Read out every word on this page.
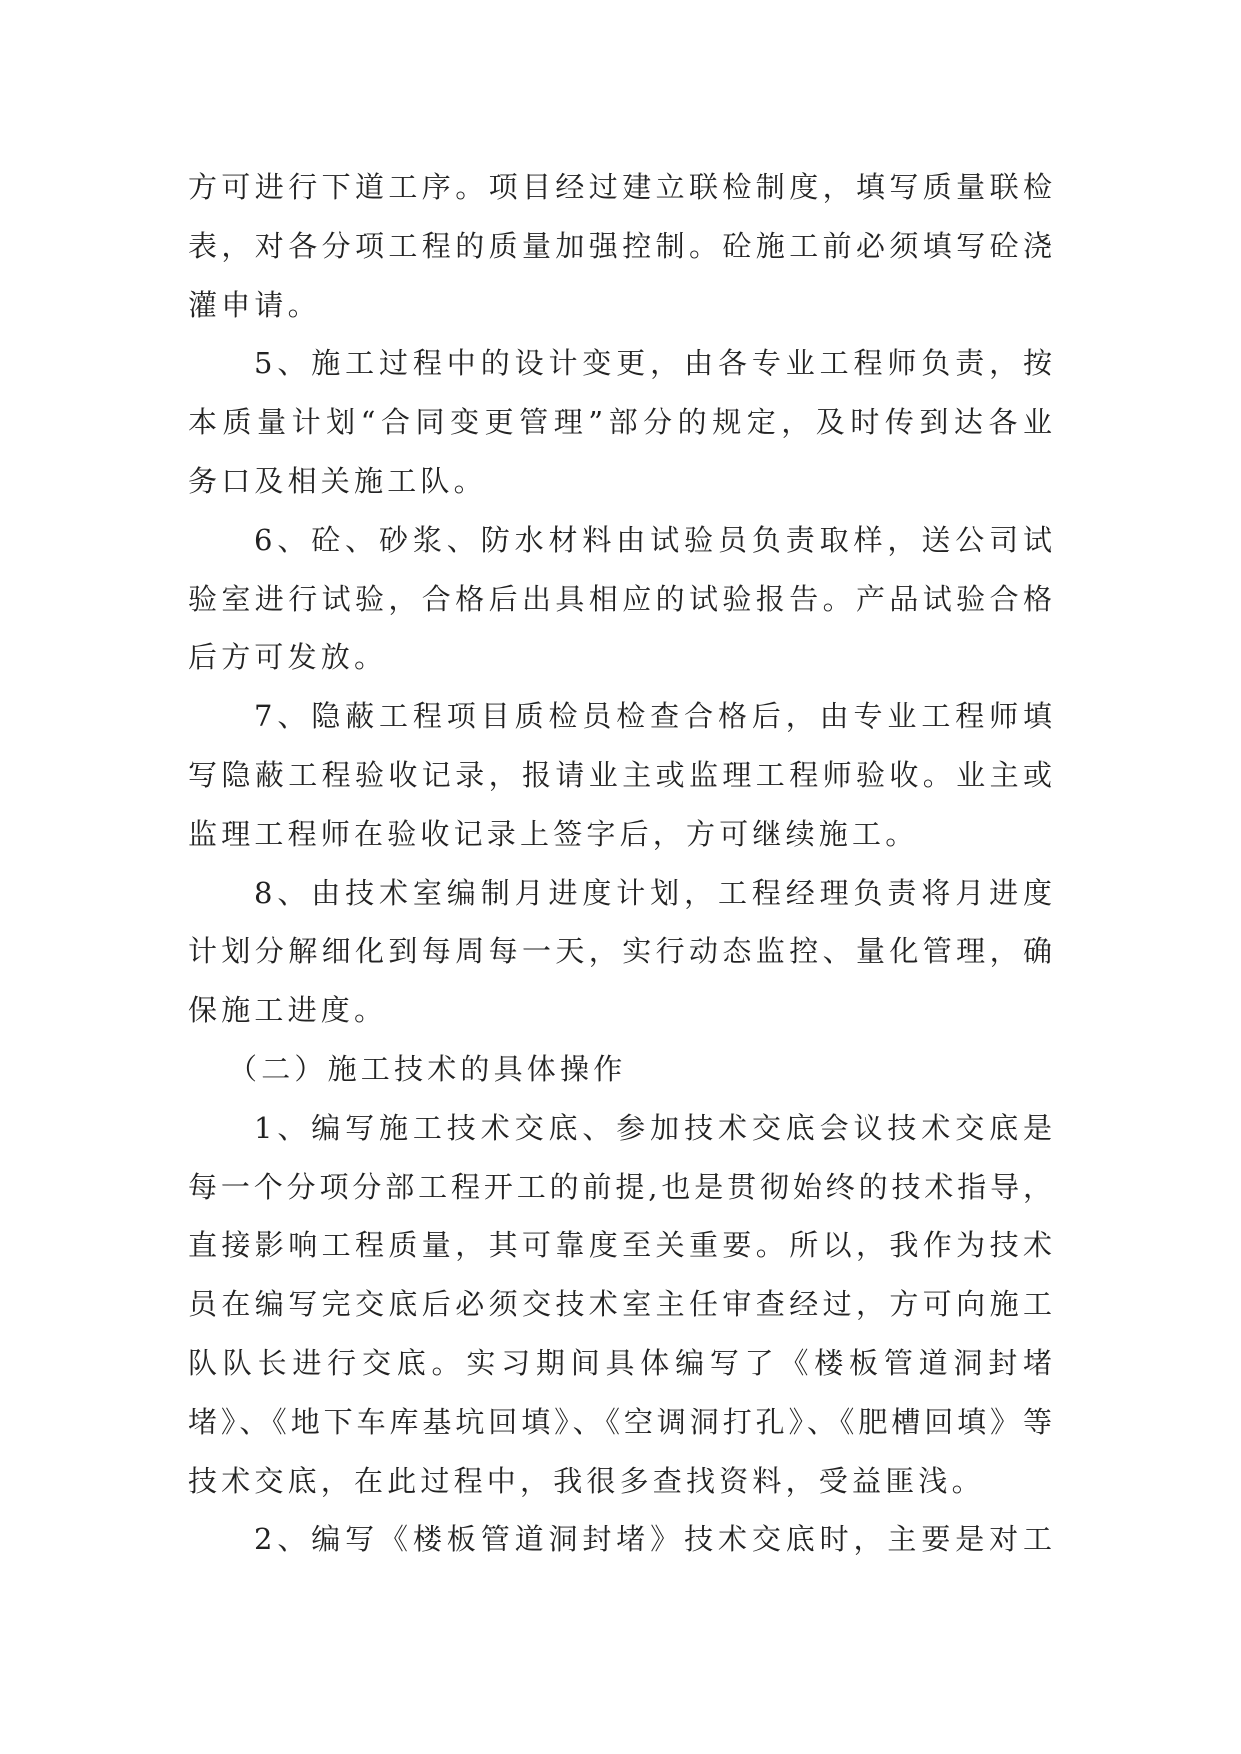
方可进行下道工序。项目经过建立联检制度，填写质量联检
表，对各分项工程的质量加强控制。砼施工前必须填写砼浇
灌申请。
5、施工过程中的设计变更，由各专业工程师负责，按
本质量计划“合同变更管理”部分的规定，及时传到达各业
务口及相关施工队。
6、砼、砂浆、防水材料由试验员负责取样，送公司试
验室进行试验，合格后出具相应的试验报告。产品试验合格
后方可发放。
7、隐蔽工程项目质检员检查合格后，由专业工程师填
写隐蔽工程验收记录，报请业主或监理工程师验收。业主或
监理工程师在验收记录上签字后，方可继续施工。
8、由技术室编制月进度计划，工程经理负责将月进度
计划分解细化到每周每一天，实行动态监控、量化管理，确
保施工进度。
（二）施工技术的具体操作
1、编写施工技术交底、参加技术交底会议技术交底是
每一个分项分部工程开工的前提,也是贯彻始终的技术指导，
直接影响工程质量，其可靠度至关重要。所以，我作为技术
员在编写完交底后必须交技术室主任审查经过，方可向施工
队队长进行交底。实习期间具体编写了《楼板管道洞封堵
堵》、《地下车库基坑回填》、《空调洞打孔》、《肥槽回填》等
技术交底，在此过程中，我很多查找资料，受益匪浅。
2、编写《楼板管道洞封堵》技术交底时，主要是对工
